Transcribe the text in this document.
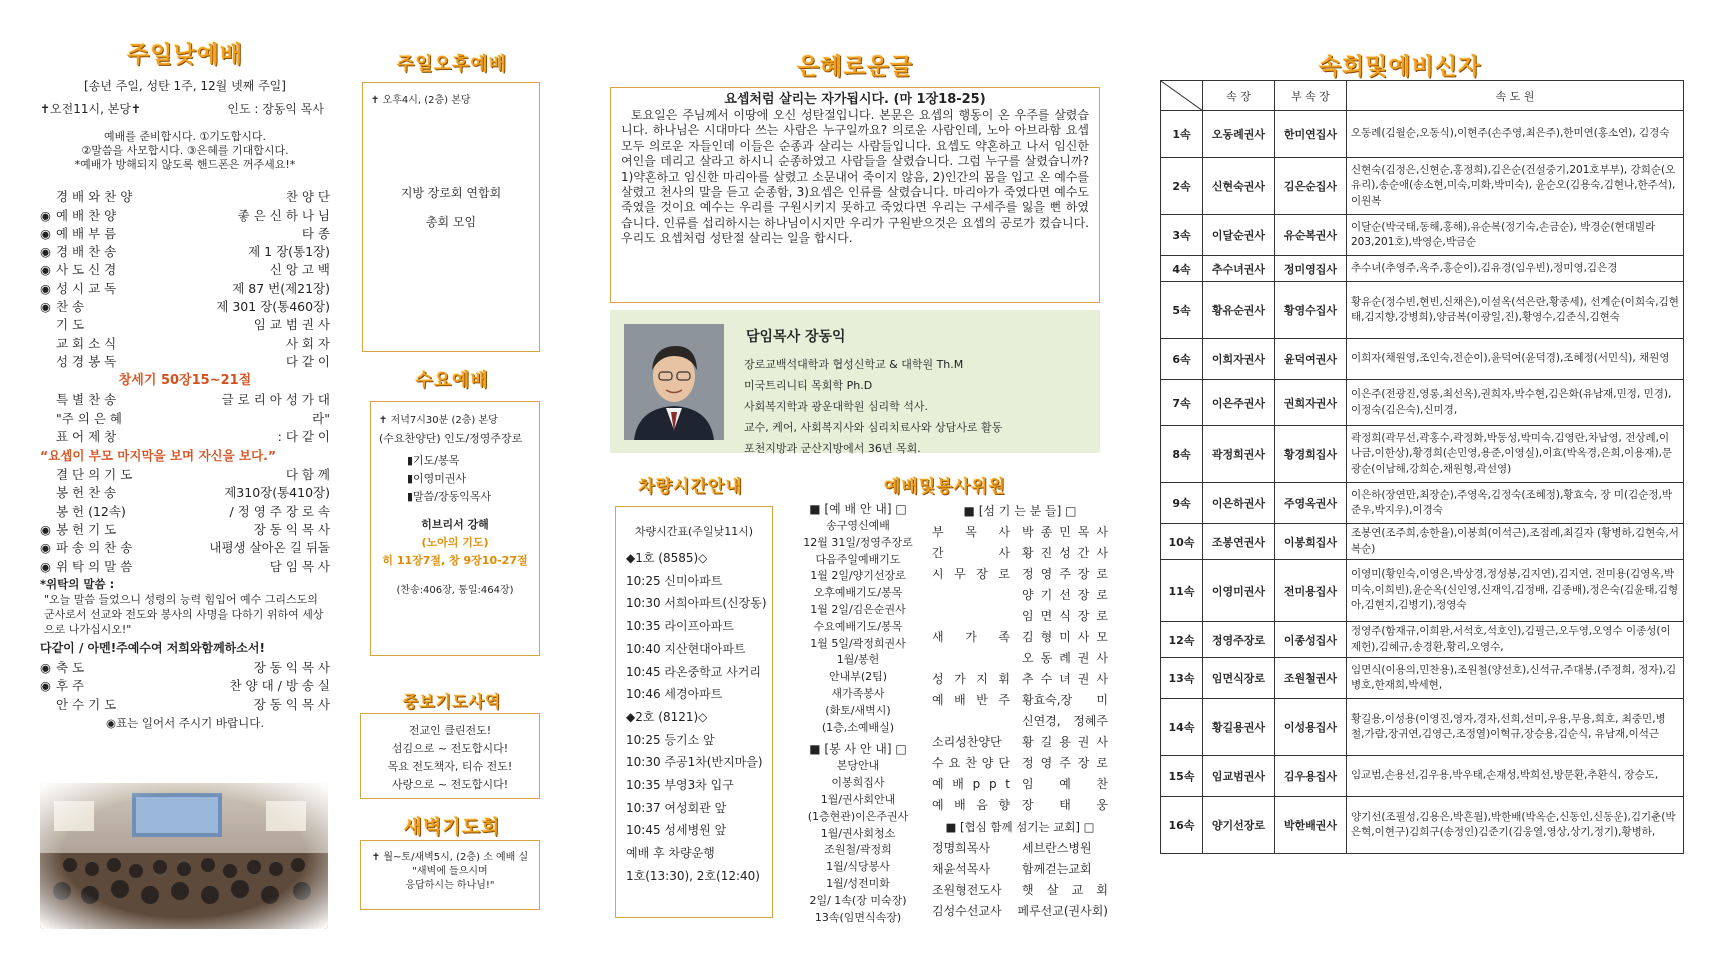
주일낮예배
[송년 주일, 성탄 1주, 12월 넷째 주일]
✝오전11시, 본당✝	인도 : 장동익 목사
예배를 준비합시다. ①기도합시다.
②말씀을 사모합시다. ③은혜를 기대합시다.
*예배가 방해되지 않도록 핸드폰은 꺼주세요!*
경 배 와 찬 양	찬 양 단
◉ 예 배 찬 양	좋 은 신 하 나 님
◉ 예 배 부 름	타 종
◉ 경 배 찬 송	제 1 장(통1장)
◉ 사 도 신 경	신 앙 고 백
◉ 성 시 교 독	제 87 번(제21장)
◉ 찬 송	제 301 장(통460장)
기 도	임 교 범 권 사
교 회 소 식	사 회 자
성 경 봉 독	다 같 이
창세기 50장15~21절
특 별 찬 송	글 로 리 아 성 가 대
"주 의 은 혜	라"
표 어 제 창	: 다 같 이
“요셉이 부모 마지막을 보며 자신을 보다.”
결 단 의 기 도	다 함 께
봉 헌 찬 송	제310장(통410장)
봉 헌 (12속)	/ 정 영 주 장 로 속
◉ 봉 헌 기 도	장 동 익 목 사
◉ 파 송 의 찬 송	내평생 살아온 길 뒤돌
◉ 위 탁 의 말 씀	담 임 목 사
*위탁의 말씀 :
"오늘 말씀 들었으니 성령의 능력 힘입어 예수 그리스도의 군사로서 선교와 전도와 봉사의 사명을 다하기 위하여 세상으로 나가십시오!"
다같이 / 아멘!주예수여 저희와함께하소서!
◉ 축 도	장 동 익 목 사
◉ 후 주	찬 양 대 / 방 송 실
안 수 기 도	장 동 익 목 사
◉표는 일어서 주시기 바랍니다.
주일오후예배
✝ 오후4시, (2층) 본당
지방 장로회 연합회
총회 모임
수요예배
✝ 저녁7시30분 (2층) 본당
(수요찬양단) 인도/정영주장로
▮기도/봉목
▮이영미권사
▮말씀/장동익목사
히브리서 강해
(노아의 기도)
히 11장7절, 창 9장10-27절
(찬송:406장, 통일:464장)
중보기도사역
전교인 클린전도!
섬김으로 ~ 전도합시다!
목요 전도책자, 티슈 전도!
사랑으로 ~ 전도합시다!
새벽기도회
✝ 월~토/새벽5시, (2층) 소 예배 실
"새벽에 들으시며
응답하시는 하나님!"
은혜로운글
요셉처럼 살리는 자가됩시다. (마 1장18-25)
토요일은 주님께서 이땅에 오신 성탄절입니다. 본문은 요셉의 행동이 온 우주를 살렸습니다. 하나님은 시대마다 쓰는 사람은 누구일까요? 의로운 사람인데, 노아 아브라함 요셉 모두 의로운 자들인데 이들은 순종과 살리는 사람들입니다. 요셉도 약혼하고 나서 임신한 여인을 데리고 살라고 하시니 순종하였고 사람들을 살렸습니다. 그럼 누구를 살렸습니까? 1)약혼하고 임신한 마리아를 살렸고 소문내어 죽이지 않음, 2)인간의 몸을 입고 온 예수를 살렸고 천사의 말을 듣고 순종함, 3)요셉은 인류를 살렸습니다. 마리아가 죽였다면 예수도 죽였을 것이요 예수는 우리를 구원시키지 못하고 죽었다면 우리는 구세주를 잃을 뻔 하였습니다. 인류를 섭리하시는 하나님이시지만 우리가 구원받으것은 요셉의 공로가 컸습니다. 우리도 요셉처럼 성탄절 살리는 일을 합시다.
담임목사 장동익
장로교백석대학과 협성신학교 & 대학원 Th.M
미국트리니티 목회학 Ph.D
사회복지학과 광운대학원 심리학 석사.
교수, 케어, 사회복지사와 심리치료사와 상담사로 활동
포천지방과 군산지방에서 36년 목회.
차량시간안내
차량시간표(주일낮11시)
◆1호 (8585)◇
10:25 신미아파트
10:30 서희아파트(신장동)
10:35 라이프아파트
10:40 지산현대아파트
10:45 라온중학교 사거리
10:46 세경아파트
◆2호 (8121)◇
10:25 등기소 앞
10:30 주공1차(반지마을)
10:35 부영3차 입구
10:37 여성회관 앞
10:45 성세병원 앞
예배 후 차량운행
1호(13:30), 2호(12:40)
예배및봉사위원
■ [예 배 안 내] □
송구영신예배
12월 31일/정영주장로
다음주일예배기도
1월 2일/양기선장로
오후예배기도/봉목
1월 2일/김은순권사
수요예배기도/봉목
1월 5일/곽정희권사
1월/봉헌
안내부(2팀)
새가족봉사
(화토/새벽시)
(1층,소예배실)
■ [봉 사 안 내] □
본당안내
이봉희집사
1월/권사회안내
(1층현관)이은주권사
1월/권사회청소
조원철/곽정희
1월/식당봉사
1월/성전미화
2일/ 1속(장 미숙장)
13속(임면식속장)
■ [섬 기 는 분 들] □
부 목 사	박 종 민 목 사
간 사	황 진 성 간 사
시 무 장 로	정 영 주 장 로
양 기 선 장 로
임 면 식 장 로
새 가 족	김 형 미 사 모
오 동 례 권 사
성 가 지 휘	추 수 녀 권 사
예 배 반 주	황효숙,장 미
신연경, 정혜주
소리성찬양단	황 길 용 권 사
수 요 찬 양 단	정 영 주 장 로
예 배 p p t	임 예 찬
예 배 음 향	장 태 웅
■ [협심 함께 섬기는 교회] □
정명희목사	세브란스병원
채윤석목사	함께걷는교회
조원형전도사	햇 살 교 회
김성수선교사	페루선교(권사회)
속회및예비신자
	속 장	부 속 장	속 도 원
1속	오동례권사	한미연집사	오동례(김월순,오동식),이현주(손주영,최은주),한미연(홍소연), 김경숙
2속	신현숙권사	김은순집사	신현숙(김정은,신현순,홍정희),김은순(건설중기,201호부부), 강희순(오유리),송순애(송소현,미숙,미화,박미숙), 윤순오(김용숙,김현나,한주석),이원복
3속	이달순권사	유순복권사	이달순(박국태,동해,홍해),유순복(정기숙,손금순), 박경순(현대빌라203,201호),박영순,박금순
4속	추수녀권사	정미영집사	추수녀(추영주,옥주,홍순이),김유경(임우빈),정미영,김은경
5속	황유순권사	황영수집사	황유순(정수빈,현빈,신채은),이설옥(석은란,황종세), 선계순(이희숙,김현태,김지향,강병희),양금복(이광일,진),황영수,김준식,김현숙
6속	이희자권사	윤덕여권사	이희자(채원영,조인숙,전순이),윤덕여(윤덕경),조혜정(서민식), 채원영
7속	이은주권사	권희자권사	이은주(전광진,영롱,최선옥),권희자,박수현,김은화(유남재,민정, 민경),이정숙(김은숙),신미경,
8속	곽정희권사	황경희집사	곽정희(곽무선,곽홍수,곽정화,박동성,박미숙,김영란,차남영, 전상례,이나금,이한상),황경희(손민영,용준,이영실),이효(박옥경,은희,이용재),문광순(이남해,강희순,채원형,곽선영)
9속	이은하권사	주영옥권사	이은하(장연만,최장순),주영옥,김정숙(조혜정),황효숙, 장 미(김순정,박준우,박지우),이경숙
10속	조봉연권사	이봉희집사	조봉연(조주희,송한율),이봉희(이석근),조점례,최길자 (황병하,김현숙,서복순)
11속	이영미권사	전미용집사	이영미(황인숙,이영은,박상경,정성봉,김지연),김지연, 전미용(김영옥,박미숙,이희빈),윤순옥(신인영,신재익,김정배, 김종배),정은숙(김윤태,김형아,김현지,김병기),정영숙
12속	정영주장로	이종성집사	정영주(함재규,이희완,서석호,석호인),김필근,오두영,오영수 이종성(이제헌),김혜규,송경환,황리,오영수,
13속	임면식장로	조원철권사	임면식(이용의,민찬용),조원철(양선호),신석규,주대봉,(주정희, 정자),김병호,한재희,박세현,
14속	황길용권사	이성용집사	황길용,이성용(이영진,영자,경자,선희,선미,우용,무용,희호, 최중민,병철,가람,장귀연,김영근,조정열)이혁규,장승용,김순식, 유남재,이석근
15속	임교범권사	김우용집사	임교범,손용선,김우용,박우태,손재성,박희선,방문환,추환식, 장승도,
16속	양기선장로	박한배권사	양기선(조필성,김용은,박흔월),박한배(박옥순,신동인,신동운),김기춘(박은혁,이현구)김희구(송정인)김준기(김웅열,영상,상기,정기),황병하,
